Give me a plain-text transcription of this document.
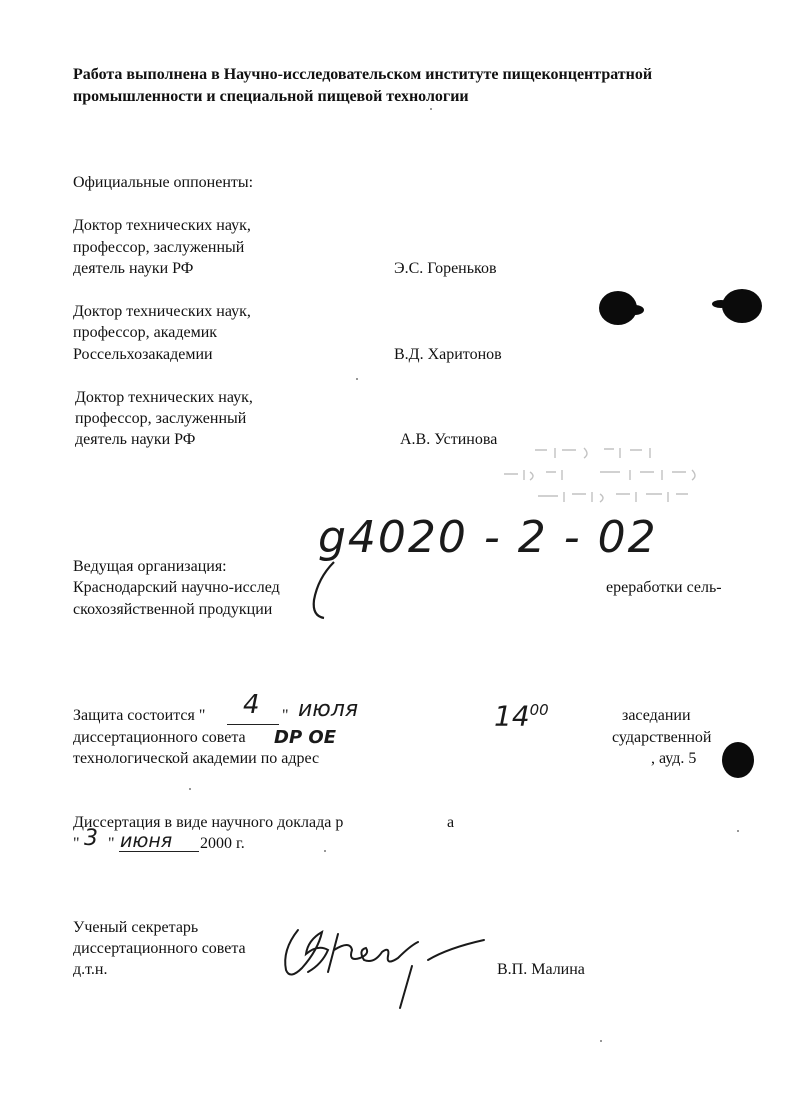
Работа выполнена в Научно-исследовательском институте пищеконцентратной
промышленности и специальной пищевой технологии
Официальные оппоненты:
Доктор технических наук,
профессор, заслуженный
деятель науки РФ	Э.С. Гореньков
Доктор технических наук,
профессор, академик
Россельхозакадемии	В.Д. Харитонов
Доктор технических наук,
профессор, заслуженный
деятель науки РФ	А.В. Устинова
g4020 - 2 - 02
Ведущая организация:
Краснодарский научно-исслед	ереработки сель-
скохозяйственной продукции
Защита состоится " 4 " июля	$14^{00}$	заседании
диссертационного совета DP OE	сударственной
технологической академии по адрес	, ауд. 5
Диссертация в виде научного доклада р	а
" 3 " июня 2000 г.
Ученый секретарь
диссертационного совета
д.т.н.	В.П. Малина
